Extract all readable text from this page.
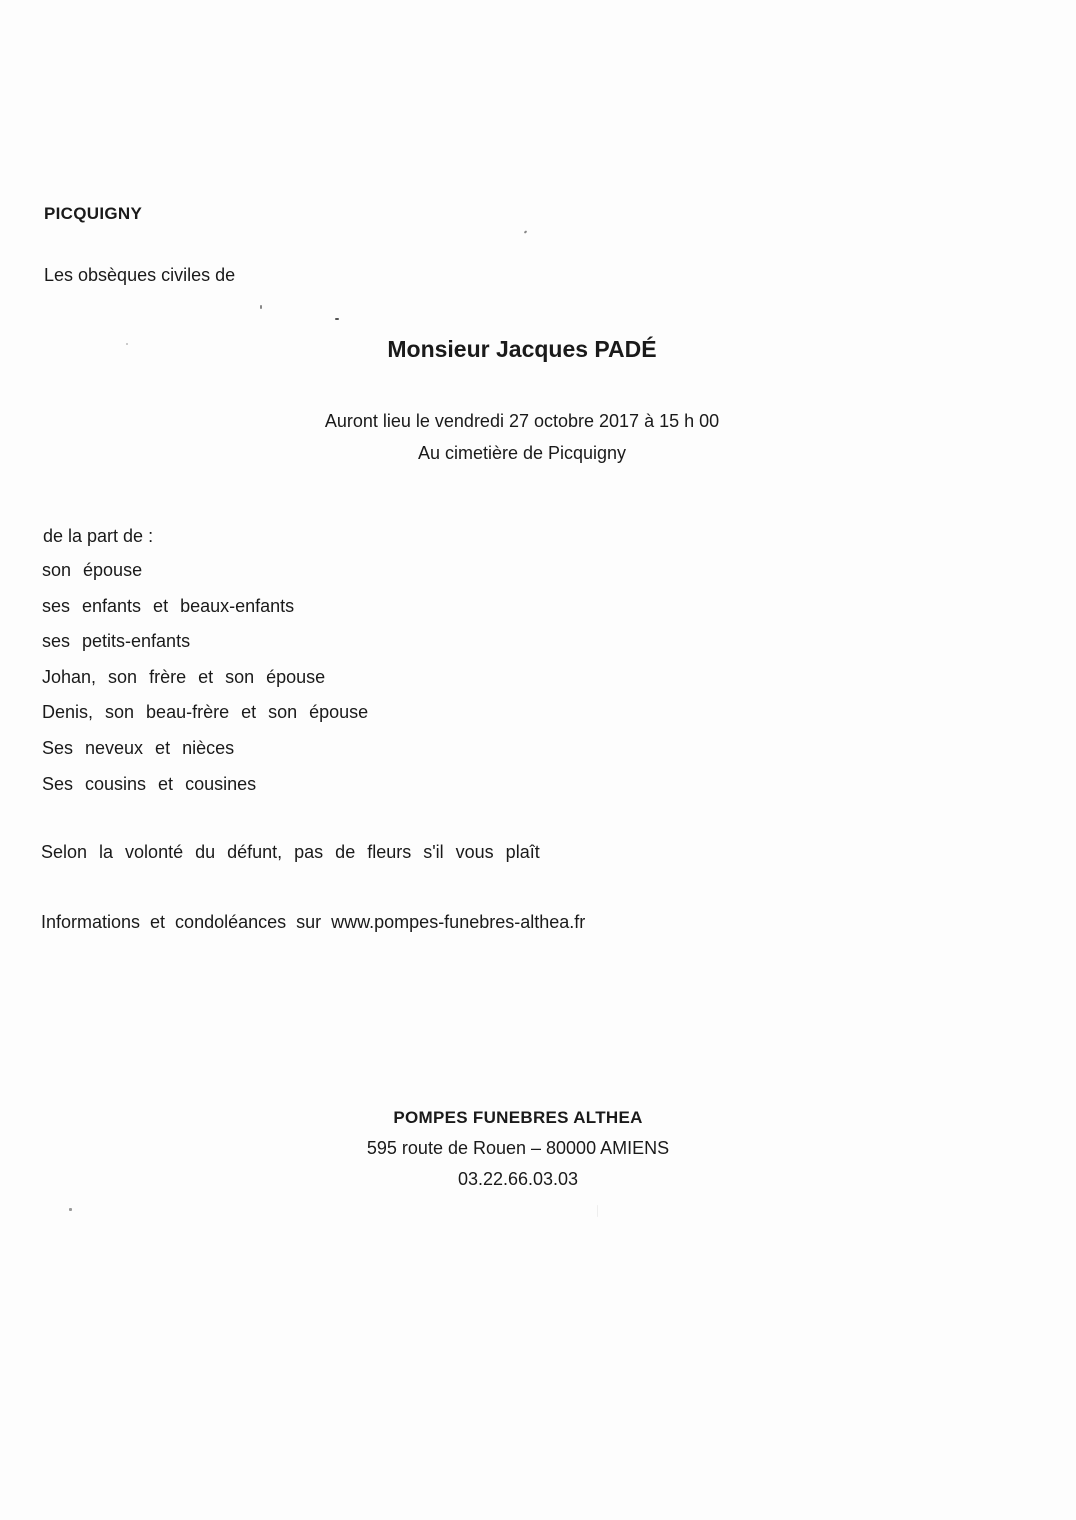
PICQUIGNY
Les obsèques civiles de
Monsieur Jacques PADÉ
Auront lieu le vendredi 27 octobre 2017 à 15 h 00
Au cimetière de Picquigny
de la part de :
son épouse
ses enfants et beaux-enfants
ses petits-enfants
Johan, son frère et son épouse
Denis, son beau-frère et son épouse
Ses neveux et nièces
Ses cousins et cousines
Selon la volonté du défunt, pas de fleurs s'il vous plaît
Informations et condoléances sur www.pompes-funebres-althea.fr
POMPES FUNEBRES ALTHEA
595 route de Rouen – 80000 AMIENS
03.22.66.03.03
